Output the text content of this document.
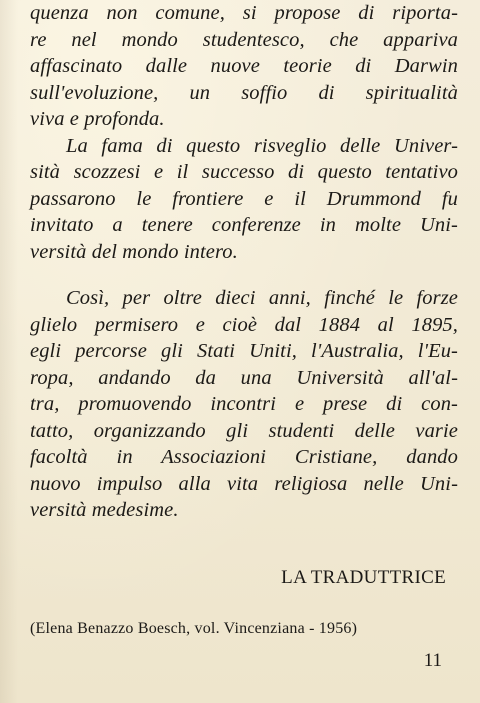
quenza non comune, si propose di riporta-
re nel mondo studentesco, che appariva
affascinato dalle nuove teorie di Darwin
sull'evoluzione, un soffio di spiritualità
viva e profonda.
La fama di questo risveglio delle Univer-
sità scozzesi e il successo di questo tentativo
passarono le frontiere e il Drummond fu
invitato a tenere conferenze in molte Uni-
versità del mondo intero.
Così, per oltre dieci anni, finché le forze
glielo permisero e cioè dal 1884 al 1895,
egli percorse gli Stati Uniti, l'Australia, l'Eu-
ropa, andando da una Università all'al-
tra, promuovendo incontri e prese di con-
tatto, organizzando gli studenti delle varie
facoltà in Associazioni Cristiane, dando
nuovo impulso alla vita religiosa nelle Uni-
versità medesime.
LA TRADUTTRICE
(Elena Benazzo Boesch, vol. Vincenziana - 1956)
11
